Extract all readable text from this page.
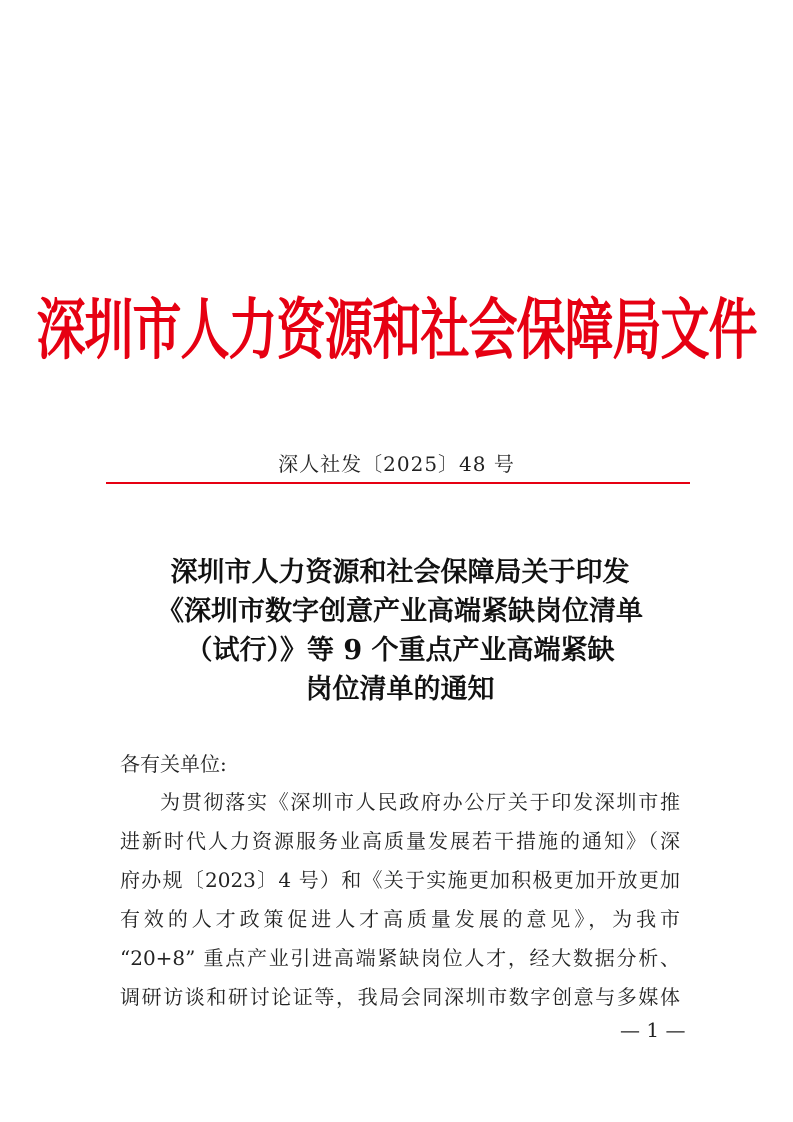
深圳市人力资源和社会保障局文件
深人社发〔2025〕48 号
深圳市人力资源和社会保障局关于印发
《深圳市数字创意产业高端紧缺岗位清单
（试行）》等 9 个重点产业高端紧缺
岗位清单的通知
各有关单位:
为贯彻落实《深圳市人民政府办公厅关于印发深圳市推
进新时代人力资源服务业高质量发展若干措施的通知》（深
府办规〔2023〕4 号）和《关于实施更加积极更加开放更加
有效的人才政策促进人才高质量发展的意见》，为我市
“20+8” 重点产业引进高端紧缺岗位人才，经大数据分析、
调研访谈和研讨论证等，我局会同深圳市数字创意与多媒体
— 1 —
